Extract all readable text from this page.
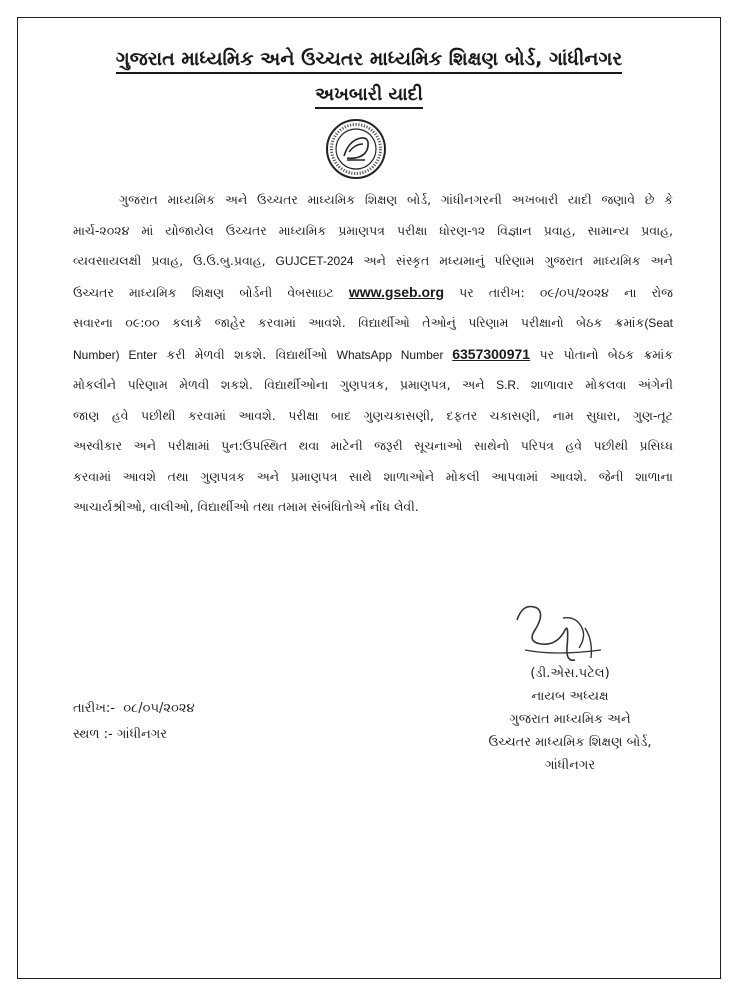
ગુજરાત માધ્યમિક અને ઉચ્ચતર માધ્યમિક શિક્ષણ બોર્ડ, ગાંધીનગર
અખબારી યાદી
ગુજરાત માધ્યમિક અને ઉચ્ચતર માધ્યમિક શિક્ષણ બોર્ડ, ગાંધીનગરની અખબારી યાદી જણાવે છે કે
માર્ચ-૨૦૨૪ માં યોજાયેલ ઉચ્ચતર માધ્યમિક પ્રમાણપત્ર પરીક્ષા ધોરણ-૧૨ વિજ્ઞાન પ્રવાહ, સામાન્ય પ્રવાહ,
વ્યવસાયલક્ષી પ્રવાહ, ઉ.ઉ.બુ.પ્રવાહ, GUJCET-2024 અને સંસ્કૃત મધ્યમાનું પરિણામ ગુજરાત માધ્યમિક અને
ઉચ્ચતર માધ્યમિક શિક્ષણ બોર્ડની વેબસાઇટ www.gseb.org પર તારીખ: ૦૯/૦૫/૨૦૨૪ ના રોજ
સવારના ૦૯:૦૦ કલાકે જાહેર કરવામાં આવશે. વિદ્યાર્થીઓ તેઓનું પરિણામ પરીક્ષાનો બેઠક ક્રમાંક(Seat
Number) Enter કરી મેળવી શકશે. વિદ્યાર્થીઓ WhatsApp Number 6357300971 પર પોતાનો બેઠક ક્રમાંક
મોકલીને પરિણામ મેળવી શકશે. વિદ્યાર્થીઓના ગુણપત્રક, પ્રમાણપત્ર, અને S.R. શાળાવાર મોકલવા અંગેની
જાણ હવે પછીથી કરવામાં આવશે. પરીક્ષા બાદ ગુણચકાસણી, દફતર ચકાસણી, નામ સુધારા, ગુણ-તૂટ
અસ્વીકાર અને પરીક્ષામાં પુન:ઉપસ્થિત થવા માટેની જરૂરી સૂચનાઓ સાથેનો પરિપત્ર હવે પછીથી પ્રસિધ્ધ
કરવામાં આવશે તથા ગુણપત્રક અને પ્રમાણપત્ર સાથે શાળાઓને મોકલી આપવામાં આવશે. જેની શાળાના
આચાર્યશ્રીઓ, વાલીઓ, વિદ્યાર્થીઓ તથા તમામ સંબંધિતોએ નોંધ લેવી.
(ડી.એસ.પટેલ)
નાયબ અધ્યક્ષ
ગુજરાત માધ્યમિક અને
ઉચ્ચતર માધ્યમિક શિક્ષણ બોર્ડ,
ગાંધીનગર
તારીખ:- ૦૮/૦૫/૨૦૨૪
સ્થળ :- ગાંધીનગર
